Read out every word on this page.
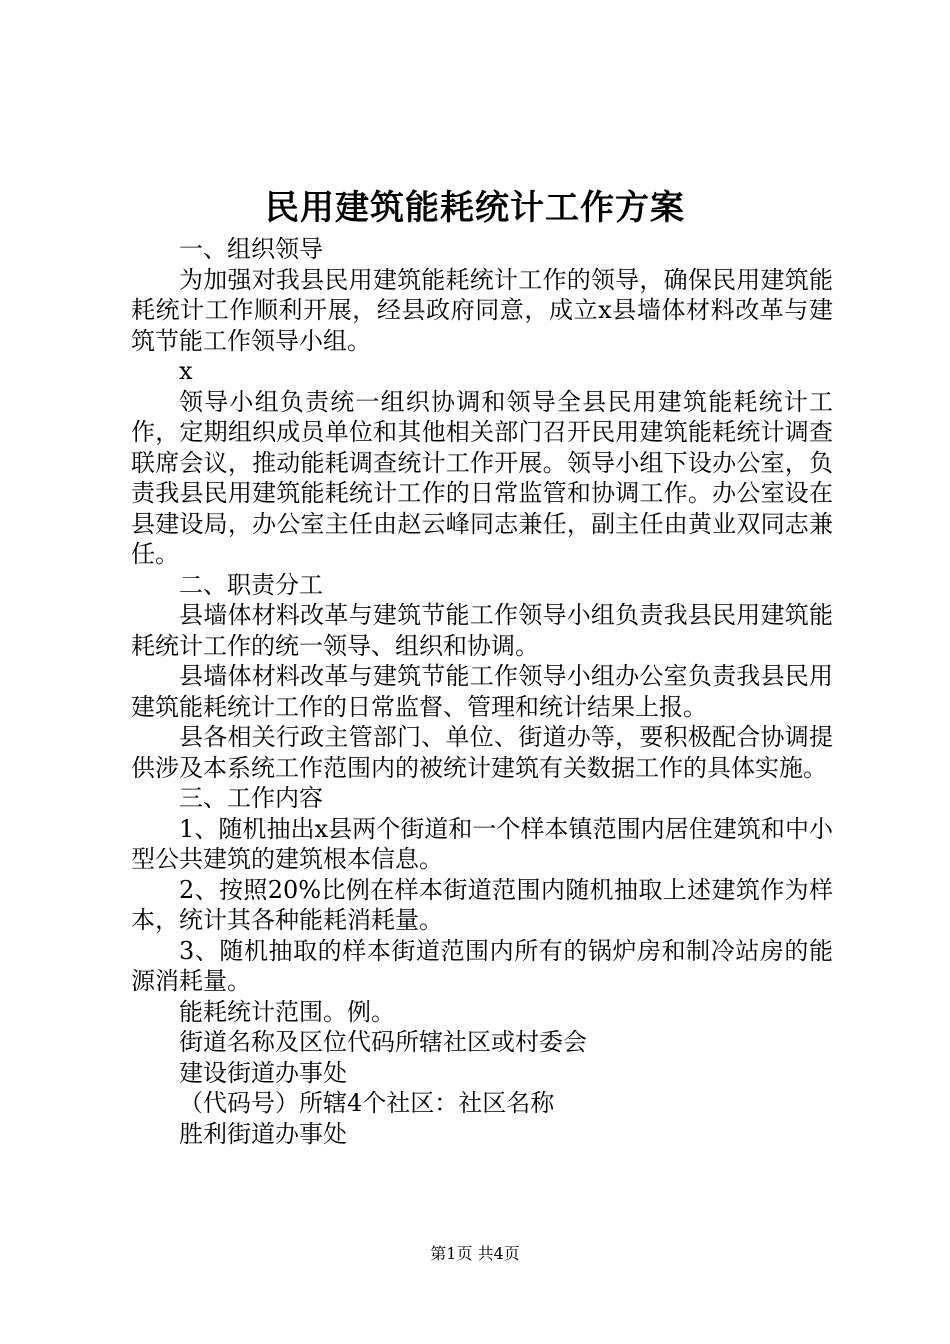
民用建筑能耗统计工作方案

一、组织领导

为加强对我县民用建筑能耗统计工作的领导，确保民用建筑能耗统计工作顺利开展，经县政府同意，成立x县墙体材料改革与建筑节能工作领导小组。

x

领导小组负责统一组织协调和领导全县民用建筑能耗统计工作，定期组织成员单位和其他相关部门召开民用建筑能耗统计调查联席会议，推动能耗调查统计工作开展。领导小组下设办公室，负责我县民用建筑能耗统计工作的日常监管和协调工作。办公室设在县建设局，办公室主任由赵云峰同志兼任，副主任由黄业双同志兼任。

二、职责分工

县墙体材料改革与建筑节能工作领导小组负责我县民用建筑能耗统计工作的统一领导、组织和协调。

县墙体材料改革与建筑节能工作领导小组办公室负责我县民用建筑能耗统计工作的日常监督、管理和统计结果上报。

县各相关行政主管部门、单位、街道办等，要积极配合协调提供涉及本系统工作范围内的被统计建筑有关数据工作的具体实施。

三、工作内容

1、随机抽出x县两个街道和一个样本镇范围内居住建筑和中小型公共建筑的建筑根本信息。

2、按照20%比例在样本街道范围内随机抽取上述建筑作为样本，统计其各种能耗消耗量。

3、随机抽取的样本街道范围内所有的锅炉房和制冷站房的能源消耗量。

能耗统计范围。例。

街道名称及区位代码所辖社区或村委会

建设街道办事处

（代码号）所辖4个社区：社区名称

胜利街道办事处

第1页 共4页
